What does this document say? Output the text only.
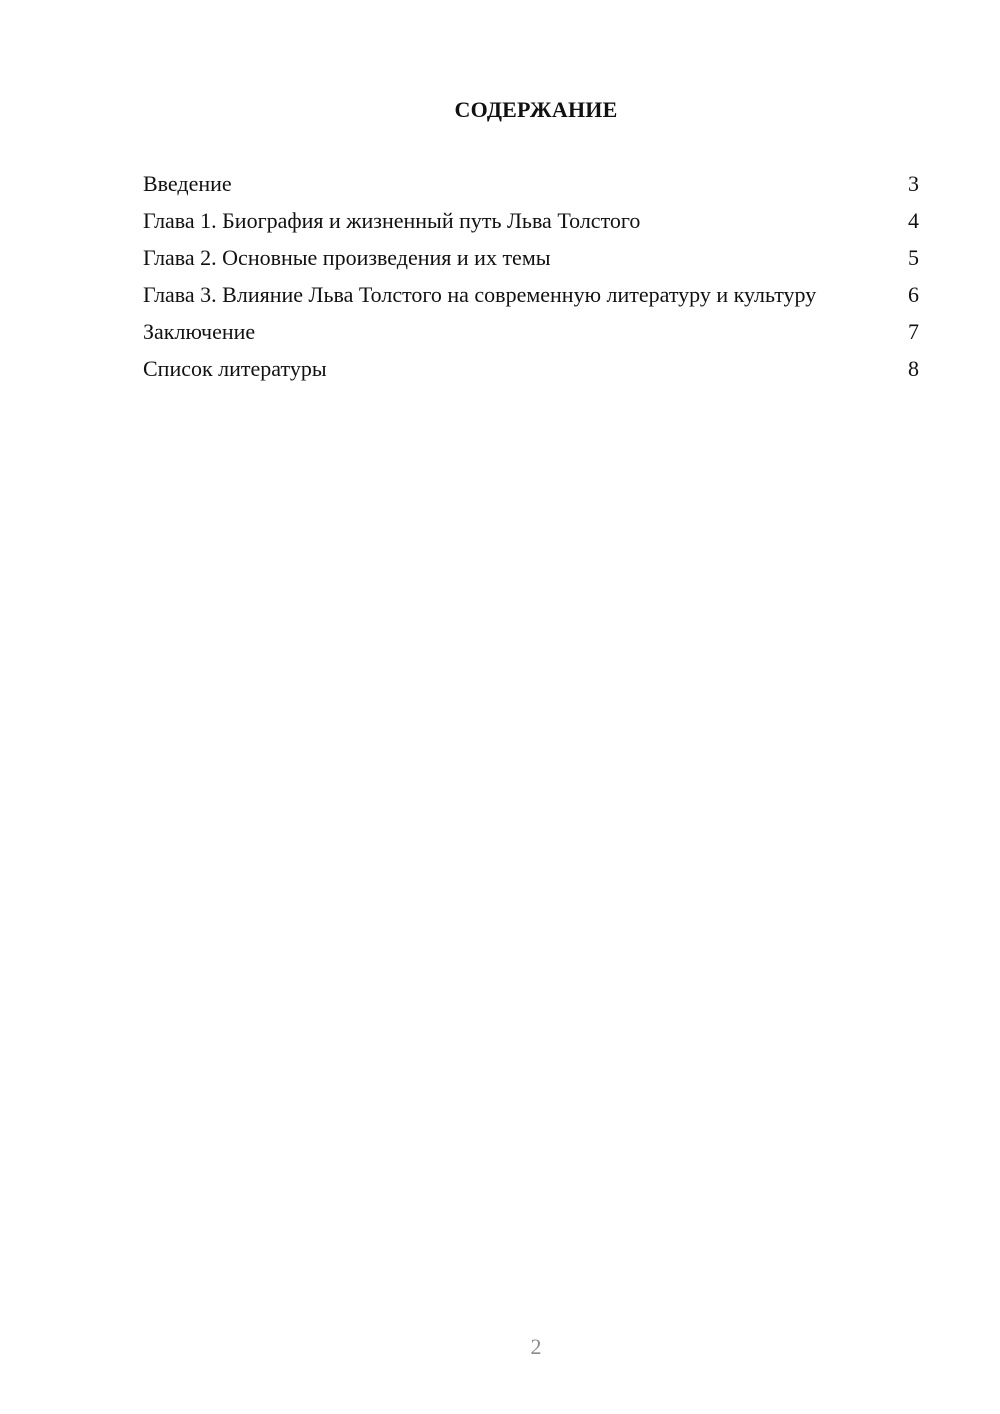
СОДЕРЖАНИЕ
Введение	3
Глава 1. Биография и жизненный путь Льва Толстого	4
Глава 2. Основные произведения и их темы	5
Глава 3. Влияние Льва Толстого на современную литературу и культуру	6
Заключение	7
Список литературы	8
2
